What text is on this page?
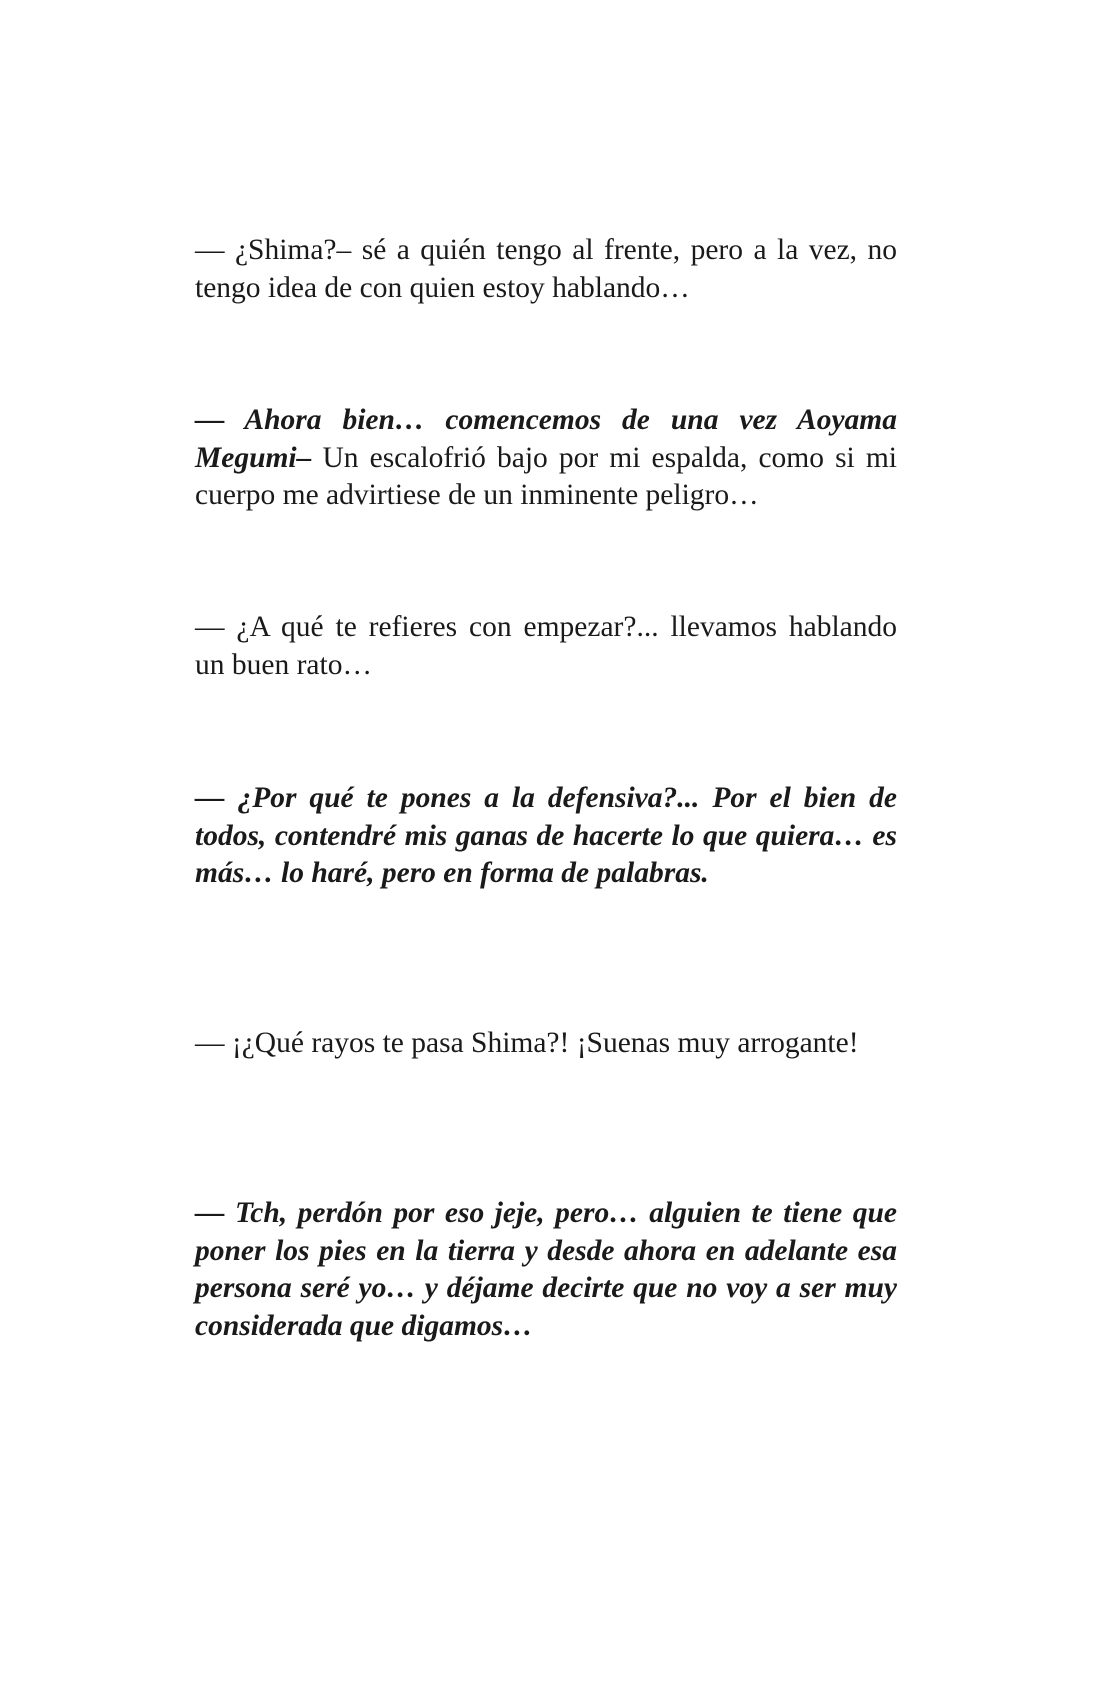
— ¿Shima?– sé a quién tengo al frente, pero a la vez, no tengo idea de con quien estoy hablando…

— Ahora bien… comencemos de una vez Aoyama Megumi– Un escalofrió bajo por mi espalda, como si mi cuerpo me advirtiese de un inminente peligro…

— ¿A qué te refieres con empezar?... llevamos hablando un buen rato…

— ¿Por qué te pones a la defensiva?... Por el bien de todos, contendré mis ganas de hacerte lo que quiera… es más… lo haré, pero en forma de palabras.

— ¡¿Qué rayos te pasa Shima?! ¡Suenas muy arrogante!

— Tch, perdón por eso jeje, pero… alguien te tiene que poner los pies en la tierra y desde ahora en adelante esa persona seré yo… y déjame decirte que no voy a ser muy considerada que digamos…
